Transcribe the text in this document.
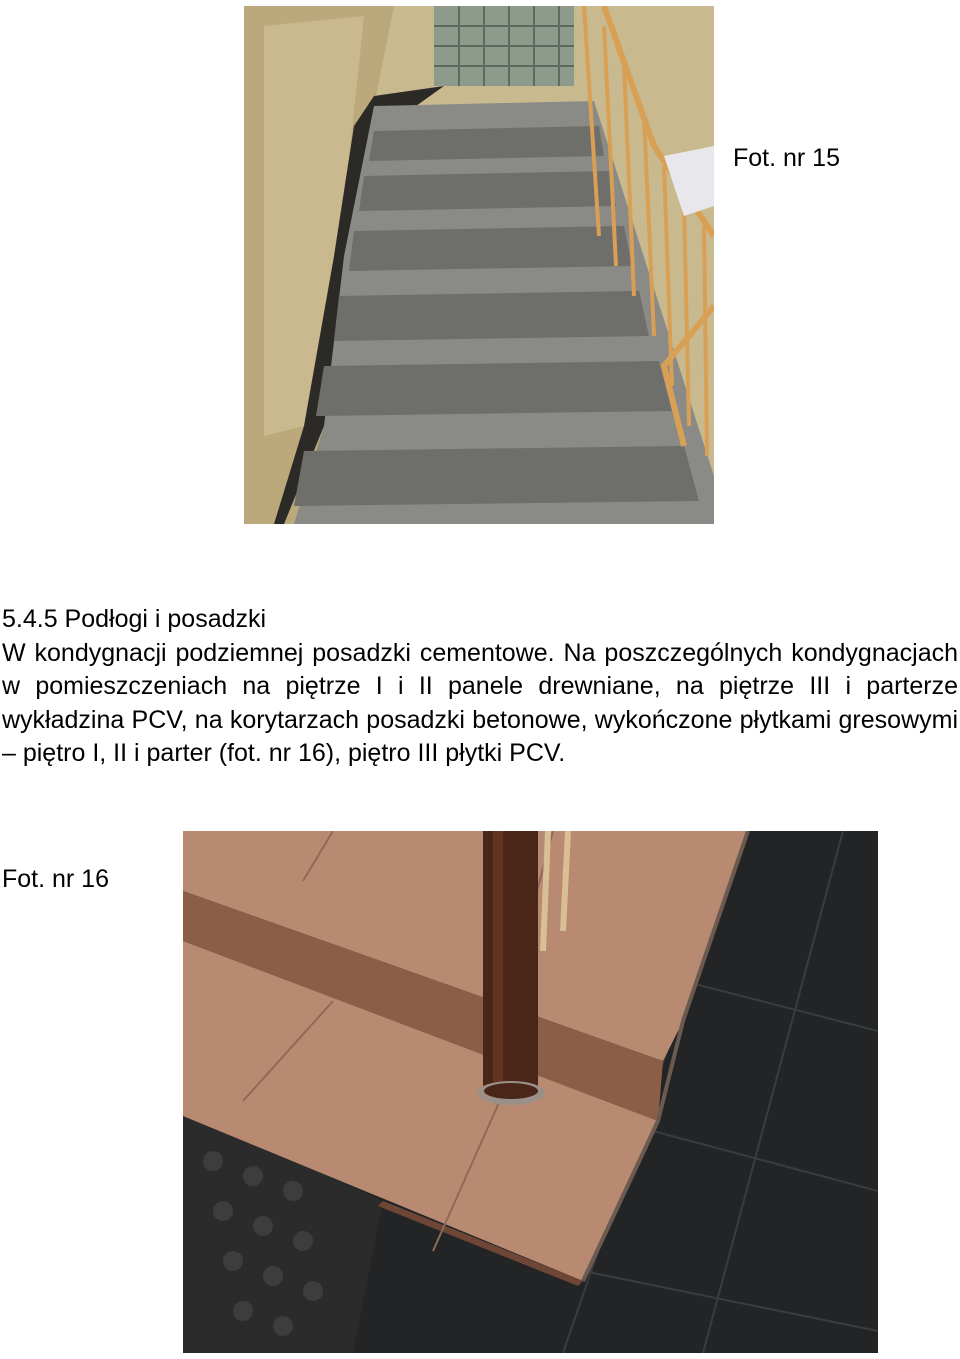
Fot. nr 15
5.4.5 Podłogi i posadzki

W kondygnacji podziemnej posadzki cementowe. Na poszczególnych kondygnacjach w pomieszczeniach na piętrze I i II panele drewniane, na piętrze III i parterze wykładzina PCV, na korytarzach posadzki betonowe, wykończone płytkami gresowymi – piętro I, II i parter (fot. nr 16), piętro III płytki PCV.

Fot. nr 16
